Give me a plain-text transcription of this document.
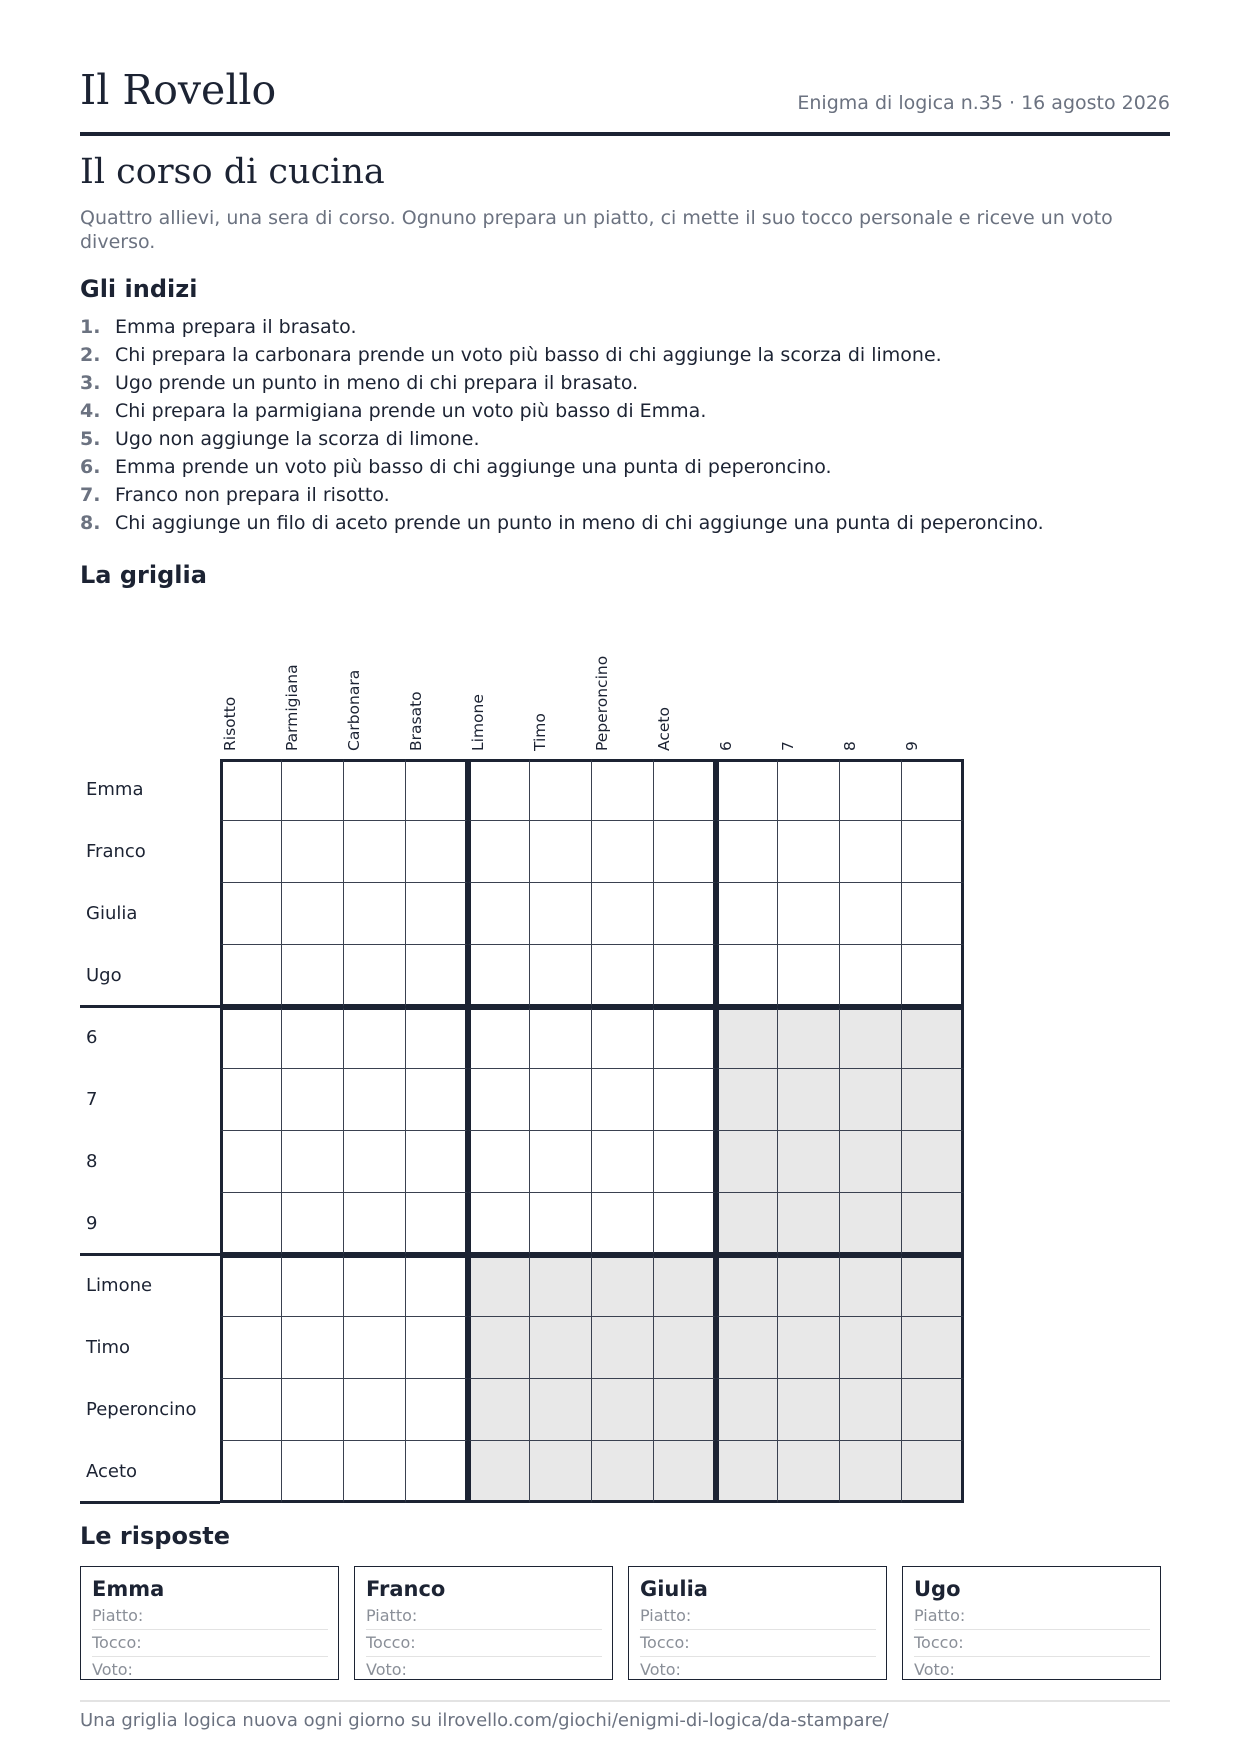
Il Rovello	Enigma di logica n.35 · 16 agosto 2026
Il corso di cucina

Quattro allievi, una sera di corso. Ognuno prepara un piatto, ci mette il suo tocco personale e riceve un voto diverso.

Gli indizi
1. Emma prepara il brasato.
2. Chi prepara la carbonara prende un voto più basso di chi aggiunge la scorza di limone.
3. Ugo prende un punto in meno di chi prepara il brasato.
4. Chi prepara la parmigiana prende un voto più basso di Emma.
5. Ugo non aggiunge la scorza di limone.
6. Emma prende un voto più basso di chi aggiunge una punta di peperoncino.
7. Franco non prepara il risotto.
8. Chi aggiunge un filo di aceto prende un punto in meno di chi aggiunge una punta di peperoncino.
La griglia
Risotto	Parmigiana	Carbonara	Brasato	Limone	Timo	Peperoncino	Aceto	6	7	8	9
Emma
Franco
Giulia
Ugo
6
7
8
9
Limone
Timo
Peperoncino
Aceto
Le risposte
Emma
Piatto:
Tocco:
Voto:
Franco
Piatto:
Tocco:
Voto:
Giulia
Piatto:
Tocco:
Voto:
Ugo
Piatto:
Tocco:
Voto:
Una griglia logica nuova ogni giorno su ilrovello.com/giochi/enigmi-di-logica/da-stampare/
